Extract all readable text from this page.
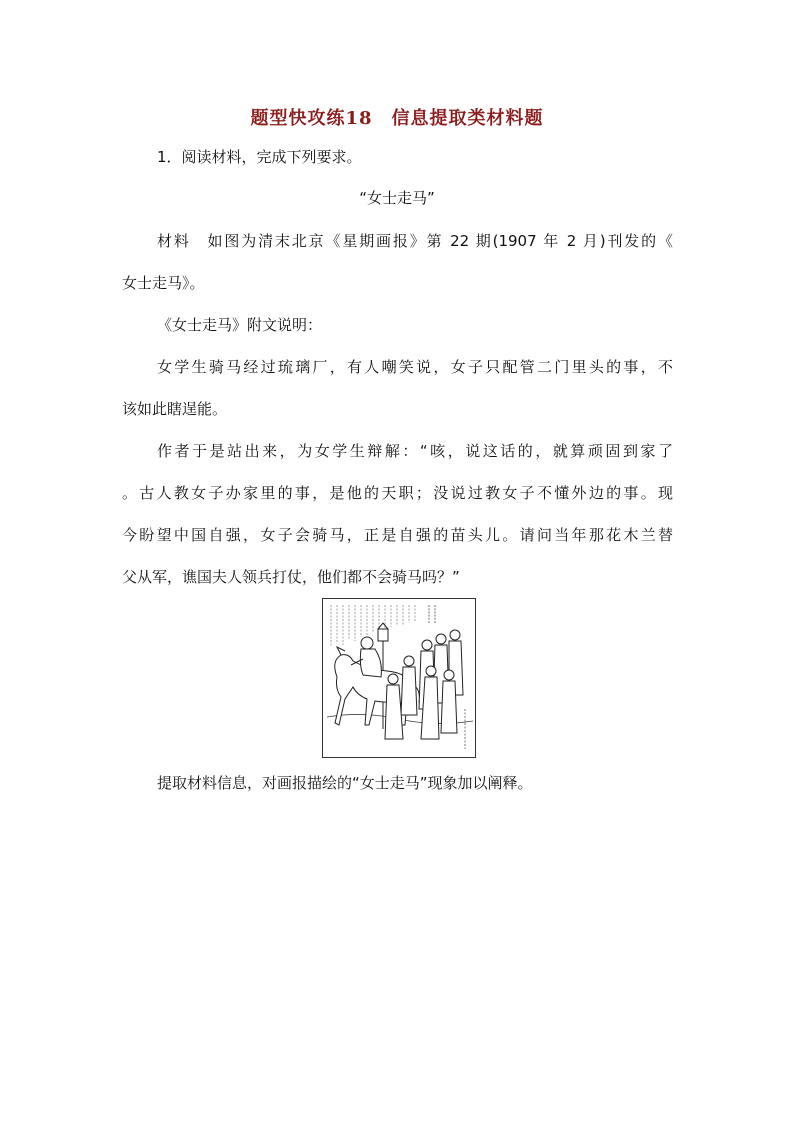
题型快攻练18　信息提取类材料题
1．阅读材料，完成下列要求。
“女士走马”
材料　如图为清末北京《星期画报》第 22 期(1907 年 2 月)刊发的《
女士走马》。
《女士走马》附文说明：
女学生骑马经过琉璃厂，有人嘲笑说，女子只配管二门里头的事，不
该如此瞎逞能。
作者于是站出来，为女学生辩解：“咳，说这话的，就算顽固到家了
。古人教女子办家里的事，是他的天职；没说过教女子不懂外边的事。现
今盼望中国自强，女子会骑马，正是自强的苗头儿。请问当年那花木兰替
父从军，谯国夫人领兵打仗，他们都不会骑马吗？”
提取材料信息，对画报描绘的“女士走马”现象加以阐释。
